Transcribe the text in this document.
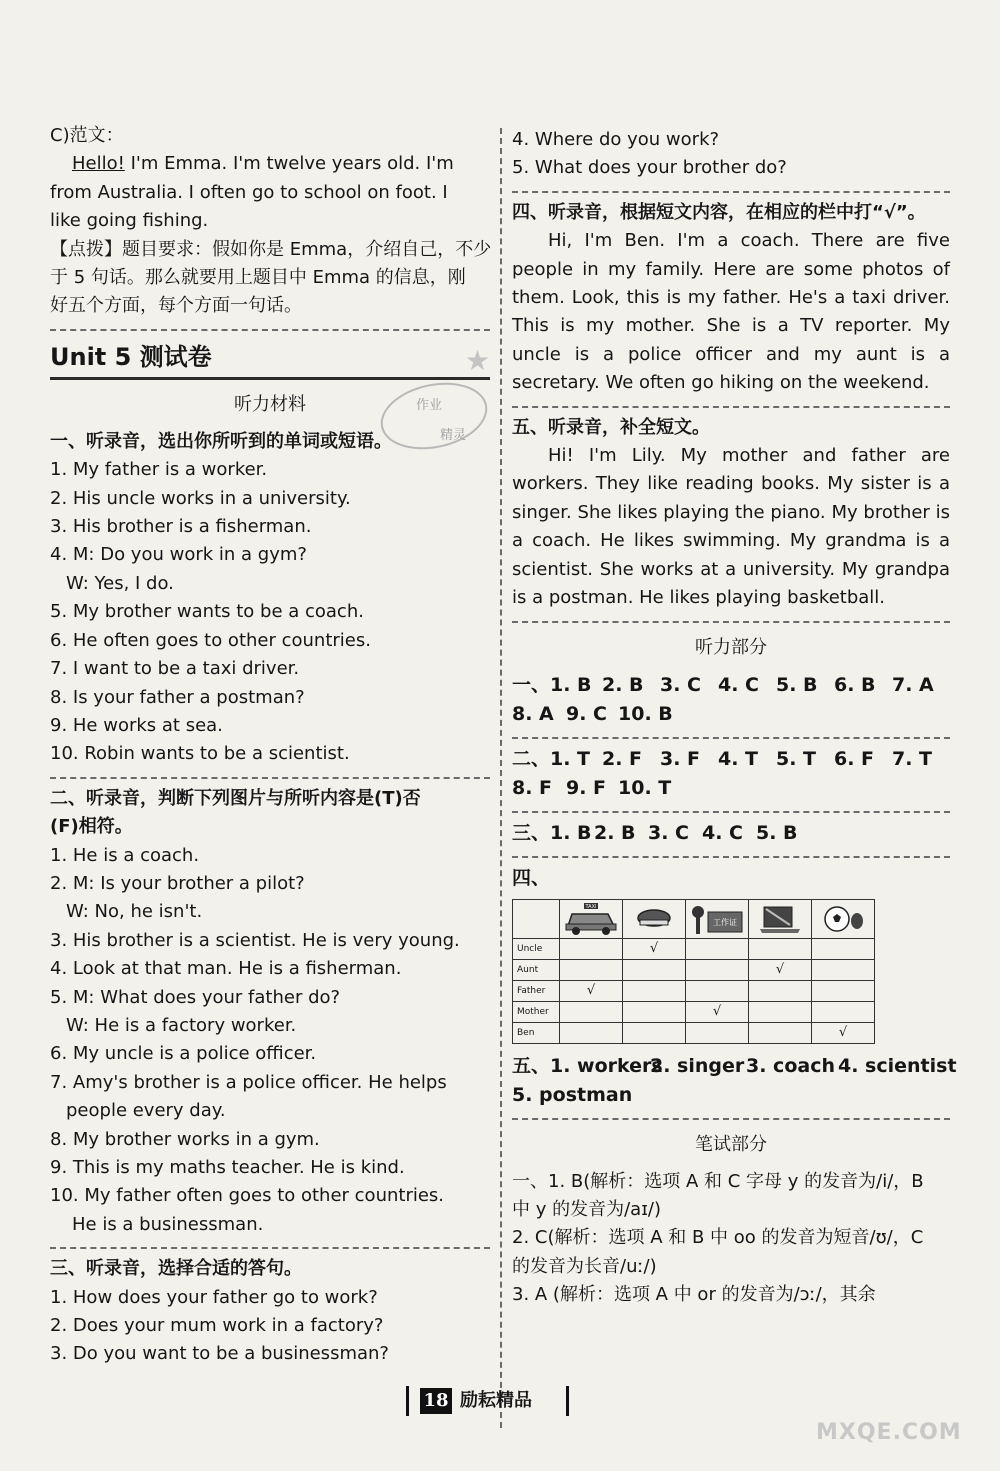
C)范文：
Hello! I'm Emma. I'm twelve years old. I'm
from Australia. I often go to school on foot. I
like going fishing.
【点拨】题目要求：假如你是 Emma，介绍自己，不少
于 5 句话。那么就要用上题目中 Emma 的信息，刚
好五个方面，每个方面一句话。
Unit 5 测试卷	★
听力材料
一、听录音，选出你所听到的单词或短语。
1. My father is a worker.
2. His uncle works in a university.
3. His brother is a fisherman.
4. M: Do you work in a gym?
W: Yes, I do.
5. My brother wants to be a coach.
6. He often goes to other countries.
7. I want to be a taxi driver.
8. Is your father a postman?
9. He works at sea.
10. Robin wants to be a scientist.
二、听录音，判断下列图片与所听内容是(T)否
(F)相符。
1. He is a coach.
2. M: Is your brother a pilot?
W: No, he isn't.
3. His brother is a scientist. He is very young.
4. Look at that man. He is a fisherman.
5. M: What does your father do?
W: He is a factory worker.
6. My uncle is a police officer.
7. Amy's brother is a police officer. He helps
people every day.
8. My brother works in a gym.
9. This is my maths teacher. He is kind.
10. My father often goes to other countries.
He is a businessman.
三、听录音，选择合适的答句。
1. How does your father go to work?
2. Does your mum work in a factory?
3. Do you want to be a businessman?
作业
精灵
4. Where do you work?
5. What does your brother do?
四、听录音，根据短文内容，在相应的栏中打“√”。

Hi, I'm Ben. I'm a coach. There are five people in my family. Here are some photos of them. Look, this is my father. He's a taxi driver. This is my mother. She is a TV reporter. My uncle is a police officer and my aunt is a secretary. We often go hiking on the weekend.

五、听录音，补全短文。

Hi! I'm Lily. My mother and father are workers. They like reading books. My sister is a singer. She likes playing the piano. My brother is a coach. He likes swimming. My grandma is a scientist. She works at a university. My grandpa is a postman. He likes playing basketball.

听力部分
一、1. B 2. B 3. C 4. C 5. B 6. B 7. A
8. A 9. C 10. B
二、1. T 2. F 3. F 4. T 5. T 6. F 7. T
8. F 9. F 10. T
三、1. B 2. B 3. C 4. C 5. B
四、

TAXI		工作证

Uncle		√			
Aunt				√	
Father	√				
Mother			√		
Ben					√
五、1. workers2. singer3. coach 4. scientist
5. postman
笔试部分
一、1. B(解析：选项 A 和 C 字母 y 的发音为/i/，B
中 y 的发音为/aɪ/)
2. C(解析：选项 A 和 B 中 oo 的发音为短音/ʊ/，C
的发音为长音/uː/)
3. A (解析：选项 A 中 or 的发音为/ɔː/，其余
18 励耘精品
MXQE.COM
